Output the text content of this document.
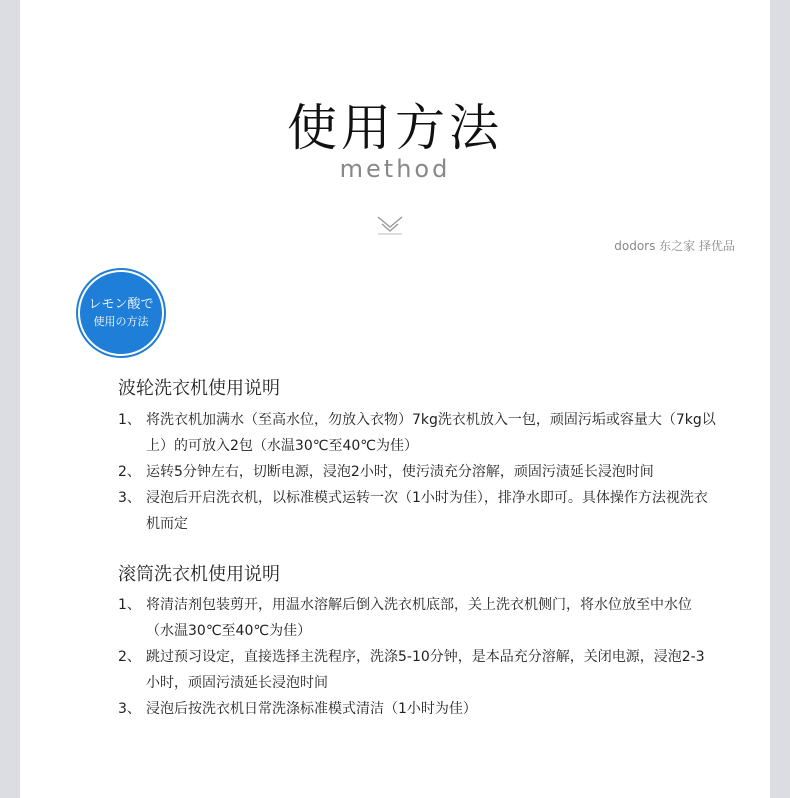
使用方法
method
dodors 东之家 择优品
レモン酸で
使用の方法
波轮洗衣机使用说明
1、 将洗衣机加满水（至高水位，勿放入衣物）7kg洗衣机放入一包，顽固污垢或容量大（7kg以上）的可放入2包（水温30℃至40℃为佳）
2、 运转5分钟左右，切断电源，浸泡2小时，使污渍充分溶解，顽固污渍延长浸泡时间
3、 浸泡后开启洗衣机，以标准模式运转一次（1小时为佳），排净水即可。具体操作方法视洗衣机而定
滚筒洗衣机使用说明
1、 将清洁剂包装剪开，用温水溶解后倒入洗衣机底部，关上洗衣机侧门，将水位放至中水位（水温30℃至40℃为佳）
2、 跳过预习设定，直接选择主洗程序，洗涤5-10分钟，是本品充分溶解，关闭电源，浸泡2-3小时，顽固污渍延长浸泡时间
3、 浸泡后按洗衣机日常洗涤标准模式清洁（1小时为佳）
